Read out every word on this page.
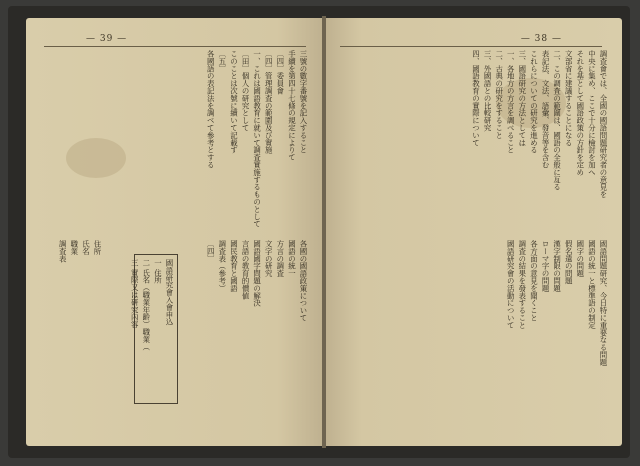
— 39 —
三號の數字番號を記入すること
手續を第四十七條の規定によりて
〔四〕委員會
〔四〕管理調査の範圍及び實施
一、これは國語教育に就いて調査實施するものとして
〔田〕個人の研究として
このことは次號に續いて記載す
〔五〕
各國語の表記法を調べて參考とする
各國の國語政策について
國語の統一
方言の調査
文字の研究
國語國字問題の解決
言語の教育的價値
國民教育と國語
調査表（參考）
〔四〕
住所
氏名
職業
調査表
國語研究會入會申込
一 住所
二 氏名（職業年齡）職業（
三 實際又は研究內容
— 38 —
調査會では、全國の國語問題研究者の意見を
中央に集め、ここで十分に檢討を加へ
それを基として國語政策の方針を定め
文部省に建議することになる
二、この調査の範圍は、國語の全般に亙る
表記法、文法、語彙、發音等を含む
これらについての研究を進める
三、國語研究の方法としては
一、各地方の方言を調べること
二、古典の研究をすること
三、外國語との比較研究
四、國語教育の實際について
國語問題研究、今日特に重要なる問題
國語の統一と標準語の制定
國字の問題
假名遣の問題
漢字制限の問題
ローマ字の問題
各方面の意見を聞くこと
調査の結果を發表すること
國語研究會の活動について
